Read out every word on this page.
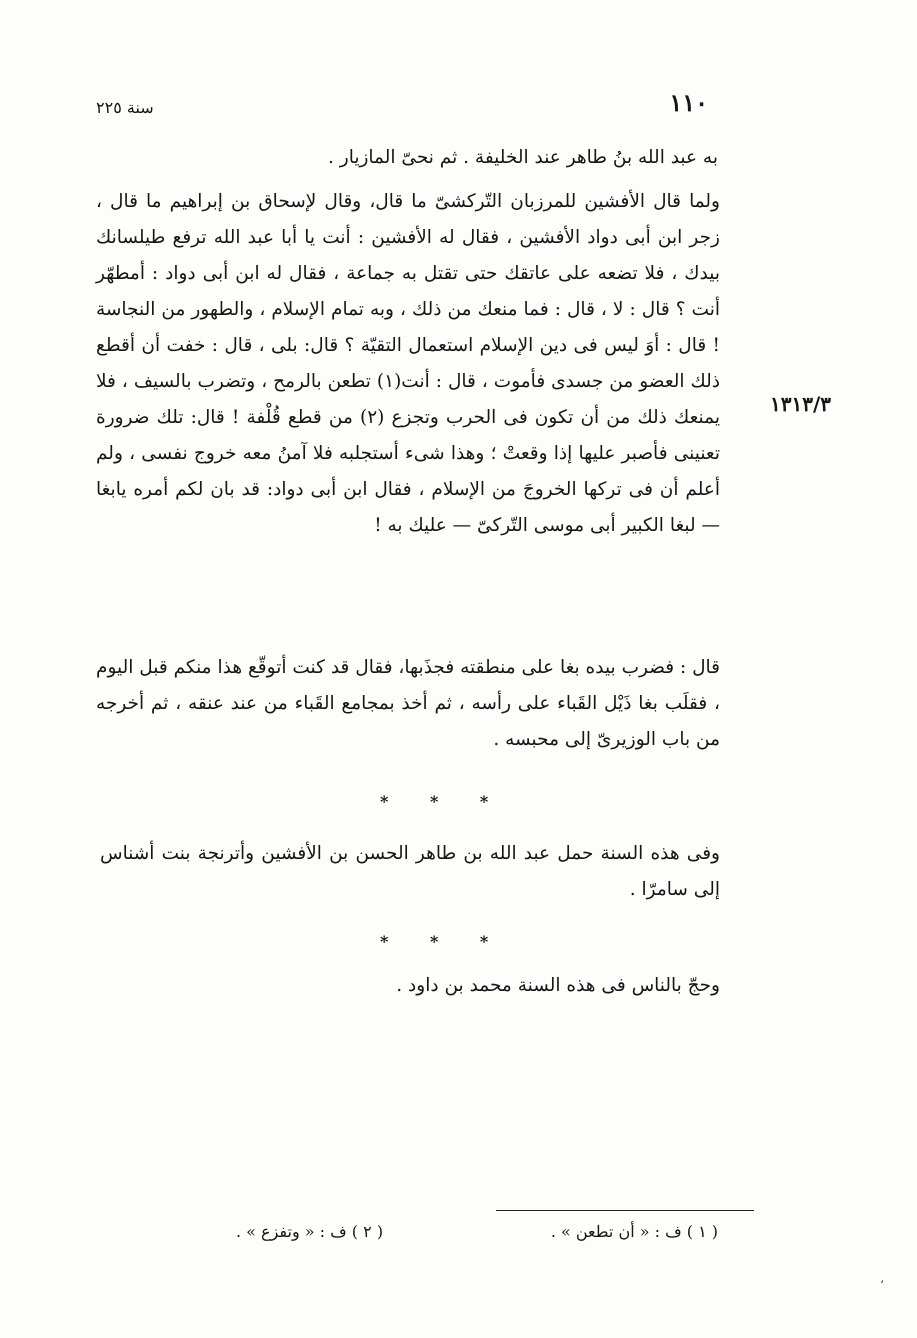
١١٠
سنة ٢٢٥

به عبد الله بنُ طاهر عند الخليفة . ثم نحىّ المازيار .

ولما قال الأفشين للمرزبان التّركشىّ ما قال، وقال لإسحاق بن إبراهيم ما قال ، زجر ابن أبى دواد الأفشين ، فقال له الأفشين : أنت يا أبا عبد الله ترفع طيلسانك بيدك ، فلا تضعه على عاتقك حتى تقتل به جماعة ، فقال له ابن أبى دواد : أمطهّر أنت ؟ قال : لا ، قال : فما منعك من ذلك ، وبه تمام الإسلام ، والطهور من النجاسة ! قال : أوَ ليس فى دين الإسلام استعمال التقيّة ؟ قال: بلى ، قال : خفت أن أقطع ذلك العضو من جسدى فأموت ، قال : أنت(١) تطعن بالرمح ، وتضرب بالسيف ، فلا يمنعك ذلك من أن تكون فى الحرب وتجزع (٢) من قطع قُلْفة ! قال: تلك ضرورة تعنينى فأصبر عليها إذا وقعتْ ؛ وهذا شىء أستجلبه فلا آمنُ معه خروج نفسى ، ولم أعلم أن فى تركها الخروجَ من الإسلام ، فقال ابن أبى دواد: قد بان لكم أمره يابغا — لبغا الكبير أبى موسى التّركىّ — عليك به !

١٣١٣/٣

قال : فضرب بيده بغا على منطقته فجذَبها، فقال قد كنت أتوقّع هذا منكم قبل اليوم ، فقلَب بغا ذَيْل القَباء على رأسه ، ثم أخذ بمجامع القَباء من عند عنقه ، ثم أخرجه من باب الوزيرىّ إلى محبسه .

* * *

وفى هذه السنة حمل عبد الله بن طاهر الحسن بن الأفشين وأترنجة بنت أشناس إلى سامرّا .

* * *

وحجّ بالناس فى هذه السنة محمد بن داود .

( ١ ) ف : « أن تطعن » .
( ٢ ) ف : « وتفزع » .
،
